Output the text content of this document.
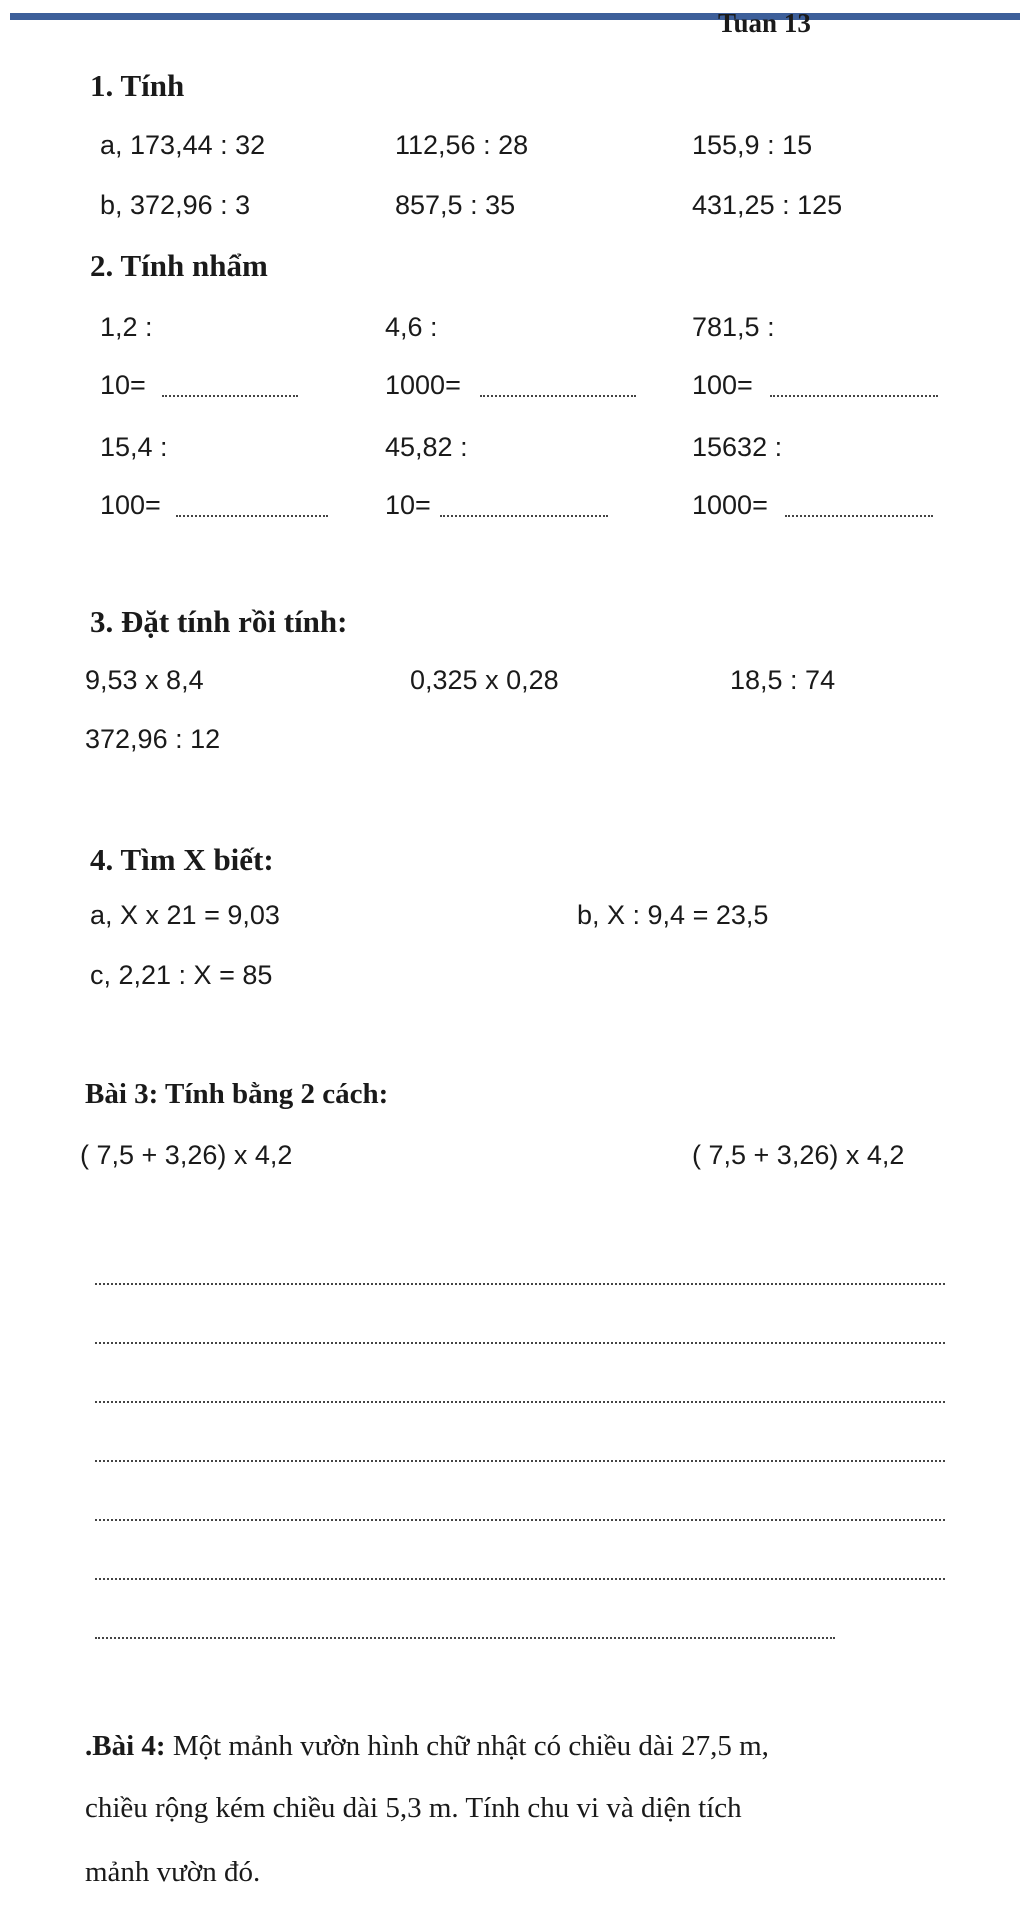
Tuan 13
1. Tính
a, 173,44 : 32	112,56 : 28	155,9 : 15
b, 372,96 : 3	857,5 : 35	431,25 : 125
2. Tính nhẩm
1,2 :	4,6 :	781,5 :
10=	1000=	100=
15,4 :	45,82 :	15632 :
100=	10=	1000=
3. Đặt tính rồi tính:
9,53 x 8,4	0,325 x 0,28	18,5 : 74
372,96 : 12
4. Tìm X biết:
a, X x 21 = 9,03	b, X : 9,4 = 23,5
c, 2,21 : X = 85
Bài 3: Tính bằng 2 cách:
( 7,5 + 3,26) x 4,2	( 7,5 + 3,26) x 4,2
.Bài 4: Một mảnh vườn hình chữ nhật có chiều dài 27,5 m,
chiều rộng kém chiều dài 5,3 m. Tính chu vi và diện tích
mảnh vườn đó.
